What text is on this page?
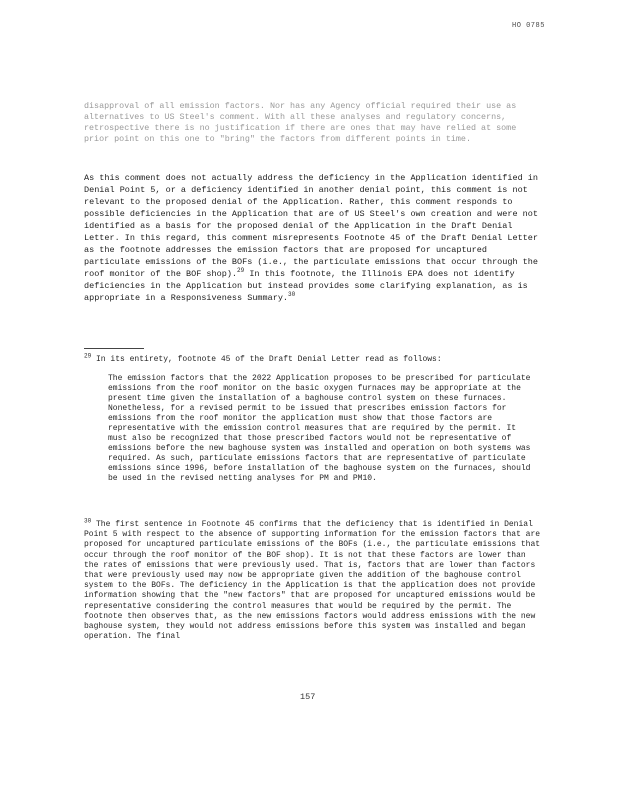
HO 0785
disapproval of all emission factors. Nor has any Agency official required their use as alternatives to US Steel's comment. With all these analyses and regulatory concerns, retrospective there is no justification if there are ones that may have relied at some prior point on this one to "bring" the factors from different points in time.
As this comment does not actually address the deficiency in the Application identified in Denial Point 5, or a deficiency identified in another denial point, this comment is not relevant to the proposed denial of the Application. Rather, this comment responds to possible deficiencies in the Application that are of US Steel's own creation and were not identified as a basis for the proposed denial of the Application in the Draft Denial Letter. In this regard, this comment misrepresents Footnote 45 of the Draft Denial Letter as the footnote addresses the emission factors that are proposed for uncaptured particulate emissions of the BOFs (i.e., the particulate emissions that occur through the roof monitor of the BOF shop).$^{29}$ In this footnote, the Illinois EPA does not identify deficiencies in the Application but instead provides some clarifying explanation, as is appropriate in a Responsiveness Summary.$^{30}$
$^{29}$ In its entirety, footnote 45 of the Draft Denial Letter read as follows:
The emission factors that the 2022 Application proposes to be prescribed for particulate emissions from the roof monitor on the basic oxygen furnaces may be appropriate at the present time given the installation of a baghouse control system on these furnaces. Nonetheless, for a revised permit to be issued that prescribes emission factors for emissions from the roof monitor the application must show that those factors are representative with the emission control measures that are required by the permit. It must also be recognized that those prescribed factors would not be representative of emissions before the new baghouse system was installed and operation on both systems was required. As such, particulate emissions factors that are representative of particulate emissions since 1996, before installation of the baghouse system on the furnaces, should be used in the revised netting analyses for PM and PM10.
$^{30}$ The first sentence in Footnote 45 confirms that the deficiency that is identified in Denial Point 5 with respect to the absence of supporting information for the emission factors that are proposed for uncaptured particulate emissions of the BOFs (i.e., the particulate emissions that occur through the roof monitor of the BOF shop). It is not that these factors are lower than the rates of emissions that were previously used. That is, factors that are lower than factors that were previously used may now be appropriate given the addition of the baghouse control system to the BOFs. The deficiency in the Application is that the application does not provide information showing that the "new factors" that are proposed for uncaptured emissions would be representative considering the control measures that would be required by the permit. The footnote then observes that, as the new emissions factors would address emissions with the new baghouse system, they would not address emissions before this system was installed and began operation. The final
157
